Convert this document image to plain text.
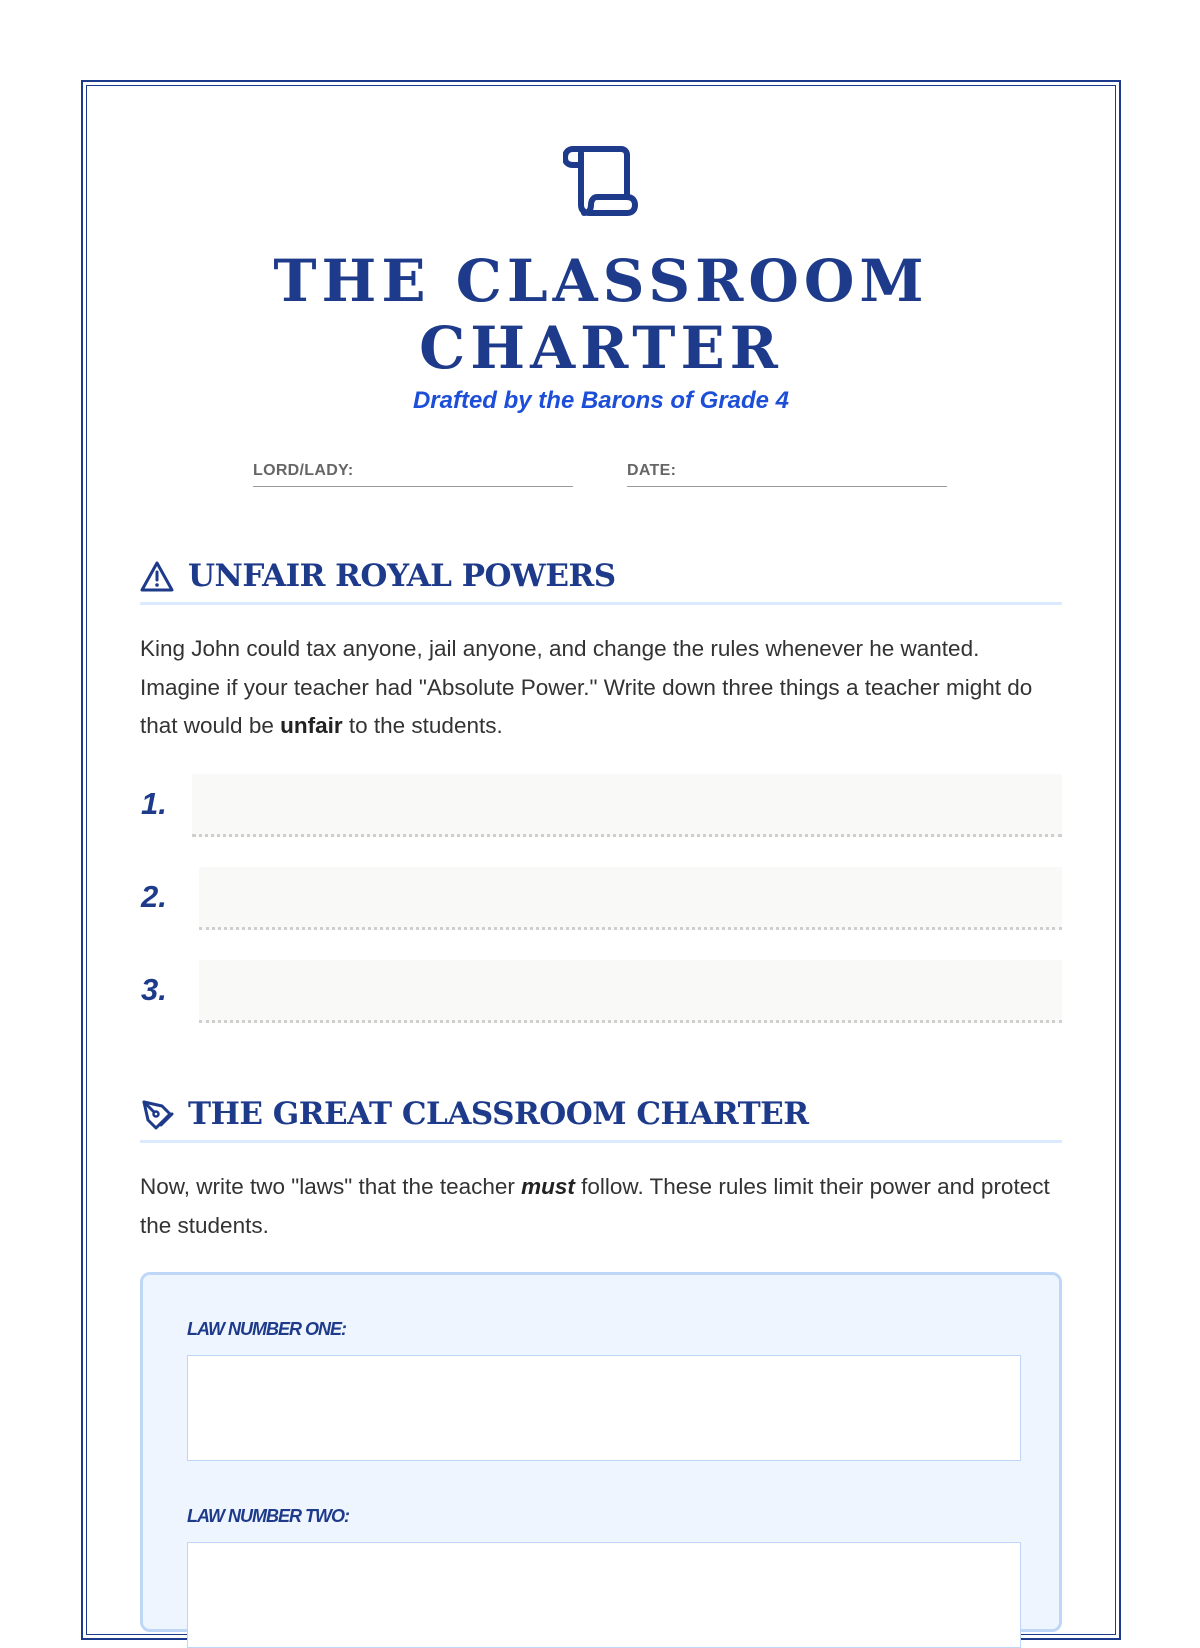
THE CLASSROOM CHARTER
Drafted by the Barons of Grade 4
LORD/LADY:	DATE:
UNFAIR ROYAL POWERS

King John could tax anyone, jail anyone, and change the rules whenever he wanted. Imagine if your teacher had "Absolute Power." Write down three things a teacher might do that would be unfair to the students.

1.
2.
3.
THE GREAT CLASSROOM CHARTER

Now, write two "laws" that the teacher must follow. These rules limit their power and protect the students.

LAW NUMBER ONE:
LAW NUMBER TWO:
